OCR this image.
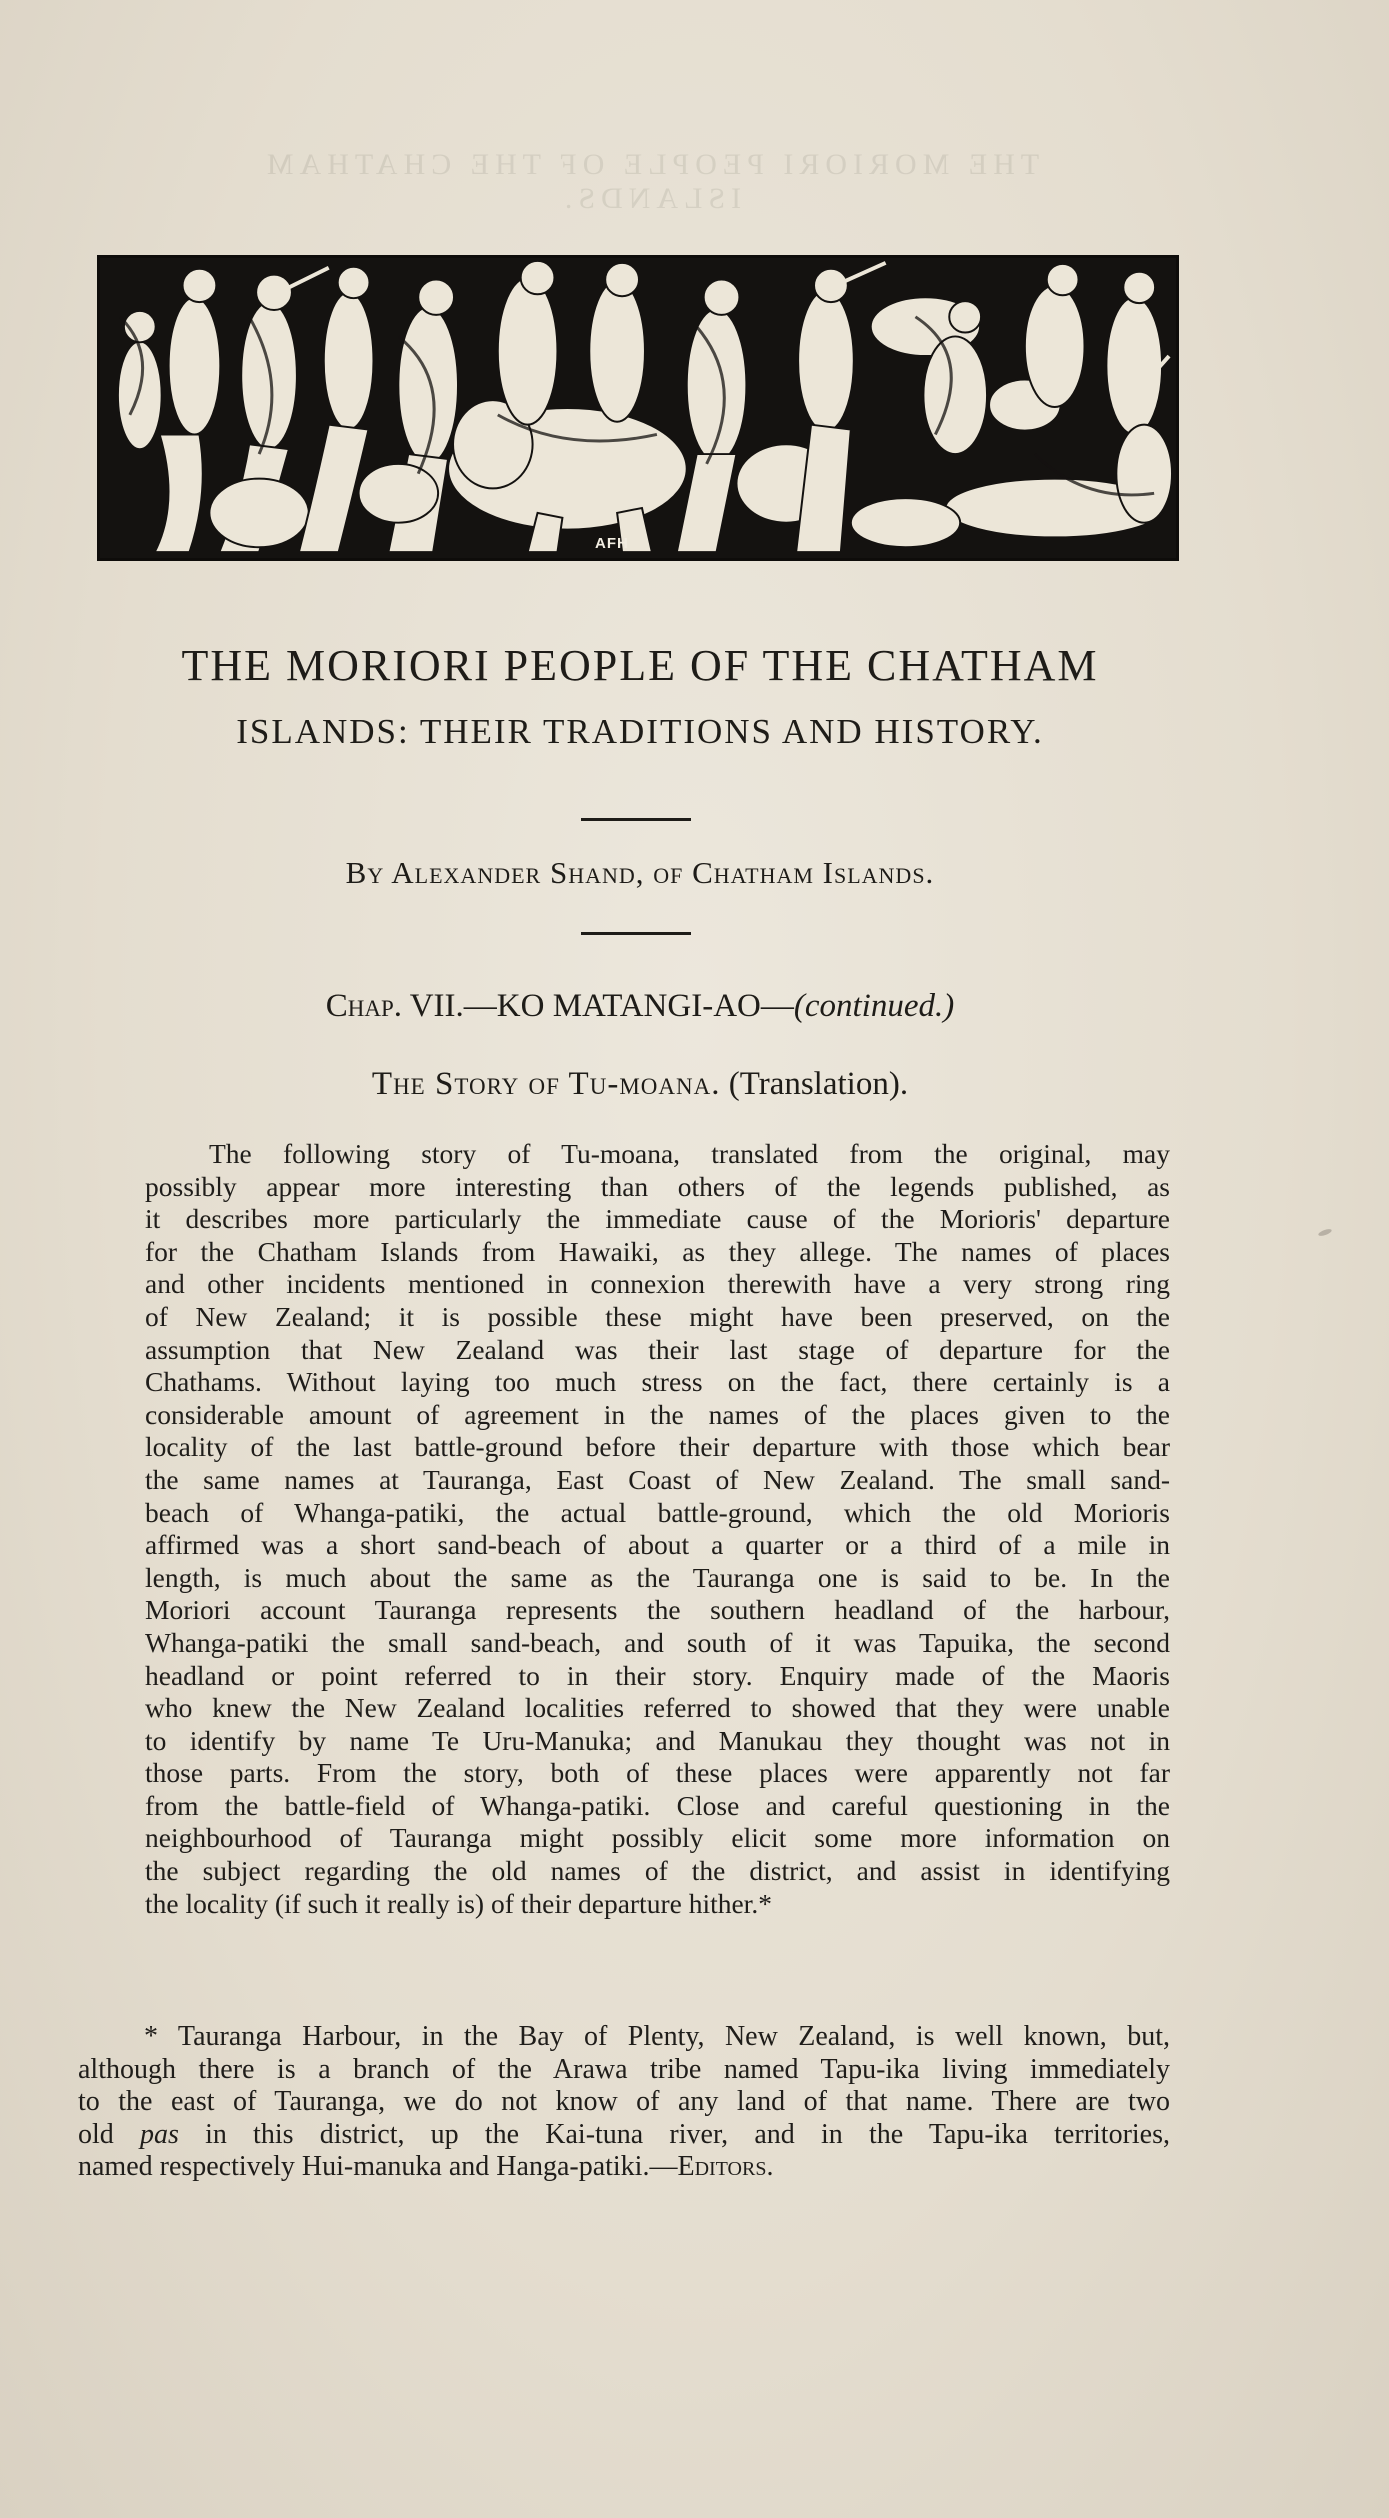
THE MORIORI PEOPLE OF THE CHATHAM ISLANDS.
AFH
THE MORIORI PEOPLE OF THE CHATHAM
ISLANDS: THEIR TRADITIONS AND HISTORY.
By Alexander Shand, of Chatham Islands.
Chap. VII.—KO MATANGI-AO—(continued.)
The Story of Tu-moana. (Translation).
The following story of Tu-moana, translated from the original, may
possibly appear more interesting than others of the legends published, as
it describes more particularly the immediate cause of the Morioris' departure
for the Chatham Islands from Hawaiki, as they allege. The names of places
and other incidents mentioned in connexion therewith have a very strong ring
of New Zealand; it is possible these might have been preserved, on the
assumption that New Zealand was their last stage of departure for the
Chathams. Without laying too much stress on the fact, there certainly is a
considerable amount of agreement in the names of the places given to the
locality of the last battle-ground before their departure with those which bear
the same names at Tauranga, East Coast of New Zealand. The small sand-
beach of Whanga-patiki, the actual battle-ground, which the old Morioris
affirmed was a short sand-beach of about a quarter or a third of a mile in
length, is much about the same as the Tauranga one is said to be. In the
Moriori account Tauranga represents the southern headland of the harbour,
Whanga-patiki the small sand-beach, and south of it was Tapuika, the second
headland or point referred to in their story. Enquiry made of the Maoris
who knew the New Zealand localities referred to showed that they were unable
to identify by name Te Uru-Manuka; and Manukau they thought was not in
those parts. From the story, both of these places were apparently not far
from the battle-field of Whanga-patiki. Close and careful questioning in the
neighbourhood of Tauranga might possibly elicit some more information on
the subject regarding the old names of the district, and assist in identifying
the locality (if such it really is) of their departure hither.*
* Tauranga Harbour, in the Bay of Plenty, New Zealand, is well known, but,
although there is a branch of the Arawa tribe named Tapu-ika living immediately
to the east of Tauranga, we do not know of any land of that name. There are two
old pas in this district, up the Kai-tuna river, and in the Tapu-ika territories,
named respectively Hui-manuka and Hanga-patiki.—Editors.
